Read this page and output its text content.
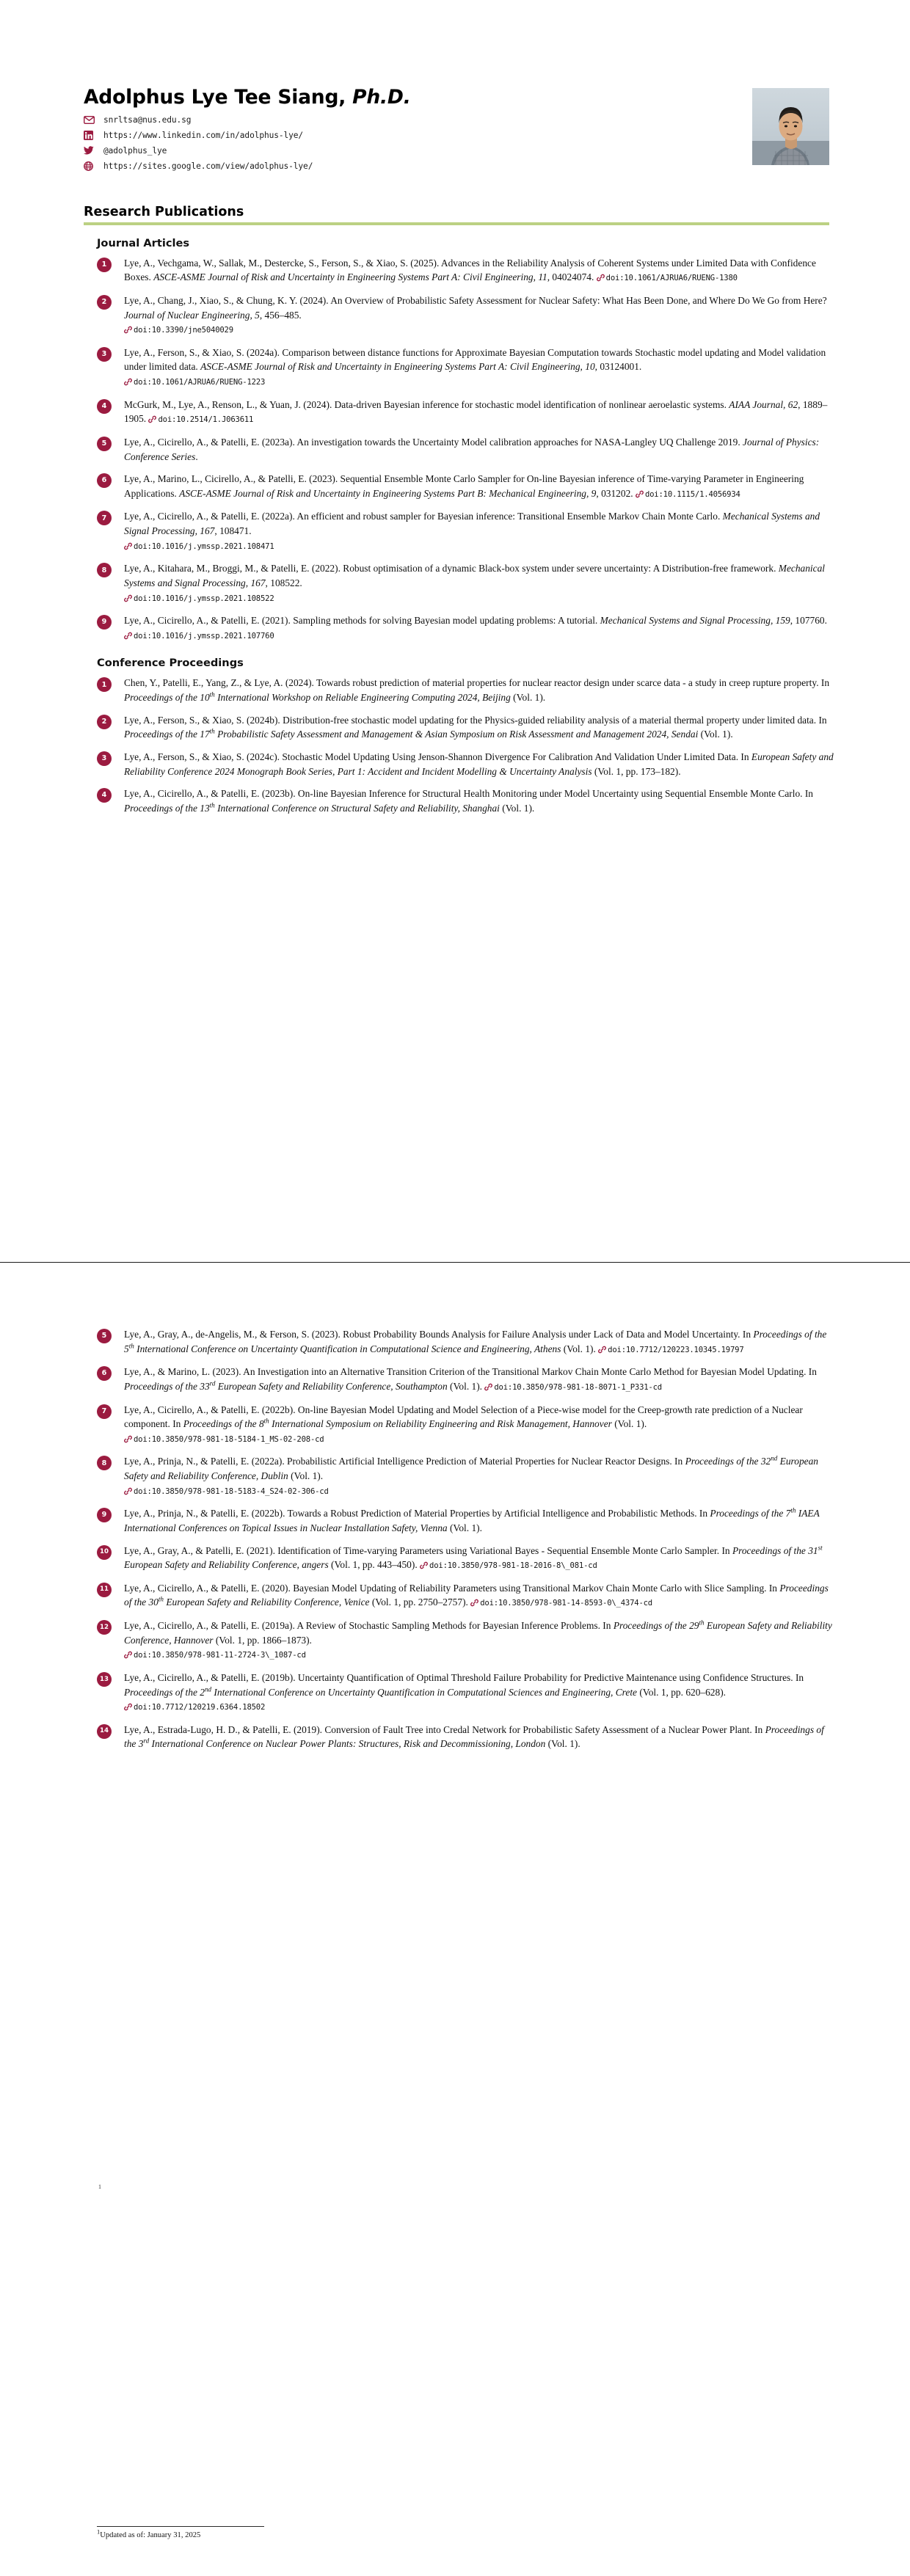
Adolphus Lye Tee Siang, Ph.D.
snrltsa@nus.edu.sg
https://www.linkedin.com/in/adolphus-lye/
@adolphus_lye
https://sites.google.com/view/adolphus-lye/
Research Publications
Journal Articles
1	Lye, A., Vechgama, W., Sallak, M., Destercke, S., Ferson, S., & Xiao, S. (2025). Advances in the Reliability Analysis of Coherent Systems under Limited Data with Confidence Boxes. ASCE-ASME Journal of Risk and Uncertainty in Engineering Systems Part A: Civil Engineering, 11, 04024074. doi:10.1061/AJRUA6/RUENG-1380
2	Lye, A., Chang, J., Xiao, S., & Chung, K. Y. (2024). An Overview of Probabilistic Safety Assessment for Nuclear Safety: What Has Been Done, and Where Do We Go from Here? Journal of Nuclear Engineering, 5, 456–485.
doi:10.3390/jne5040029
3	Lye, A., Ferson, S., & Xiao, S. (2024a). Comparison between distance functions for Approximate Bayesian Computation towards Stochastic model updating and Model validation under limited data. ASCE-ASME Journal of Risk and Uncertainty in Engineering Systems Part A: Civil Engineering, 10, 03124001.
doi:10.1061/AJRUA6/RUENG-1223
4	McGurk, M., Lye, A., Renson, L., & Yuan, J. (2024). Data-driven Bayesian inference for stochastic model identification of nonlinear aeroelastic systems. AIAA Journal, 62, 1889–1905. doi:10.2514/1.J063611
5	Lye, A., Cicirello, A., & Patelli, E. (2023a). An investigation towards the Uncertainty Model calibration approaches for NASA-Langley UQ Challenge 2019. Journal of Physics: Conference Series.
6	Lye, A., Marino, L., Cicirello, A., & Patelli, E. (2023). Sequential Ensemble Monte Carlo Sampler for On-line Bayesian inference of Time-varying Parameter in Engineering Applications. ASCE-ASME Journal of Risk and Uncertainty in Engineering Systems Part B: Mechanical Engineering, 9, 031202. doi:10.1115/1.4056934
7	Lye, A., Cicirello, A., & Patelli, E. (2022a). An efficient and robust sampler for Bayesian inference: Transitional Ensemble Markov Chain Monte Carlo. Mechanical Systems and Signal Processing, 167, 108471.
doi:10.1016/j.ymssp.2021.108471
8	Lye, A., Kitahara, M., Broggi, M., & Patelli, E. (2022). Robust optimisation of a dynamic Black-box system under severe uncertainty: A Distribution-free framework. Mechanical Systems and Signal Processing, 167, 108522.
doi:10.1016/j.ymssp.2021.108522
9	Lye, A., Cicirello, A., & Patelli, E. (2021). Sampling methods for solving Bayesian model updating problems: A tutorial. Mechanical Systems and Signal Processing, 159, 107760. doi:10.1016/j.ymssp.2021.107760
Conference Proceedings
1	Chen, Y., Patelli, E., Yang, Z., & Lye, A. (2024). Towards robust prediction of material properties for nuclear reactor design under scarce data - a study in creep rupture property. In Proceedings of the 10th International Workshop on Reliable Engineering Computing 2024, Beijing (Vol. 1).
2	Lye, A., Ferson, S., & Xiao, S. (2024b). Distribution-free stochastic model updating for the Physics-guided reliability analysis of a material thermal property under limited data. In Proceedings of the 17th Probabilistic Safety Assessment and Management & Asian Symposium on Risk Assessment and Management 2024, Sendai (Vol. 1).
3	Lye, A., Ferson, S., & Xiao, S. (2024c). Stochastic Model Updating Using Jenson-Shannon Divergence For Calibration And Validation Under Limited Data. In European Safety and Reliability Conference 2024 Monograph Book Series, Part 1: Accident and Incident Modelling & Uncertainty Analysis (Vol. 1, pp. 173–182).
4	Lye, A., Cicirello, A., & Patelli, E. (2023b). On-line Bayesian Inference for Structural Health Monitoring under Model Uncertainty using Sequential Ensemble Monte Carlo. In Proceedings of the 13th International Conference on Structural Safety and Reliability, Shanghai (Vol. 1).
5	Lye, A., Gray, A., de-Angelis, M., & Ferson, S. (2023). Robust Probability Bounds Analysis for Failure Analysis under Lack of Data and Model Uncertainty. In Proceedings of the 5th International Conference on Uncertainty Quantification in Computational Science and Engineering, Athens (Vol. 1). doi:10.7712/120223.10345.19797
6	Lye, A., & Marino, L. (2023). An Investigation into an Alternative Transition Criterion of the Transitional Markov Chain Monte Carlo Method for Bayesian Model Updating. In Proceedings of the 33rd European Safety and Reliability Conference, Southampton (Vol. 1). doi:10.3850/978-981-18-8071-1_P331-cd
7	Lye, A., Cicirello, A., & Patelli, E. (2022b). On-line Bayesian Model Updating and Model Selection of a Piece-wise model for the Creep-growth rate prediction of a Nuclear component. In Proceedings of the 8th International Symposium on Reliability Engineering and Risk Management, Hannover (Vol. 1).
doi:10.3850/978-981-18-5184-1_MS-02-208-cd
8	Lye, A., Prinja, N., & Patelli, E. (2022a). Probabilistic Artificial Intelligence Prediction of Material Properties for Nuclear Reactor Designs. In Proceedings of the 32nd European Safety and Reliability Conference, Dublin (Vol. 1).
doi:10.3850/978-981-18-5183-4_S24-02-306-cd
9	Lye, A., Prinja, N., & Patelli, E. (2022b). Towards a Robust Prediction of Material Properties by Artificial Intelligence and Probabilistic Methods. In Proceedings of the 7th IAEA International Conferences on Topical Issues in Nuclear Installation Safety, Vienna (Vol. 1).
10	Lye, A., Gray, A., & Patelli, E. (2021). Identification of Time-varying Parameters using Variational Bayes - Sequential Ensemble Monte Carlo Sampler. In Proceedings of the 31st European Safety and Reliability Conference, angers (Vol. 1, pp. 443–450). doi:10.3850/978-981-18-2016-8\_081-cd
11	Lye, A., Cicirello, A., & Patelli, E. (2020). Bayesian Model Updating of Reliability Parameters using Transitional Markov Chain Monte Carlo with Slice Sampling. In Proceedings of the 30th European Safety and Reliability Conference, Venice (Vol. 1, pp. 2750–2757). doi:10.3850/978-981-14-8593-0\_4374-cd
12	Lye, A., Cicirello, A., & Patelli, E. (2019a). A Review of Stochastic Sampling Methods for Bayesian Inference Problems. In Proceedings of the 29th European Safety and Reliability Conference, Hannover (Vol. 1, pp. 1866–1873).
doi:10.3850/978-981-11-2724-3\_1087-cd
13	Lye, A., Cicirello, A., & Patelli, E. (2019b). Uncertainty Quantification of Optimal Threshold Failure Probability for Predictive Maintenance using Confidence Structures. In Proceedings of the 2nd International Conference on Uncertainty Quantification in Computational Sciences and Engineering, Crete (Vol. 1, pp. 620–628).
doi:10.7712/120219.6364.18502
14	Lye, A., Estrada-Lugo, H. D., & Patelli, E. (2019). Conversion of Fault Tree into Credal Network for Probabilistic Safety Assessment of a Nuclear Power Plant. In Proceedings of the 3rd International Conference on Nuclear Power Plants: Structures, Risk and Decommissioning, London (Vol. 1).
1
$^1$Updated as of: January 31, 2025
